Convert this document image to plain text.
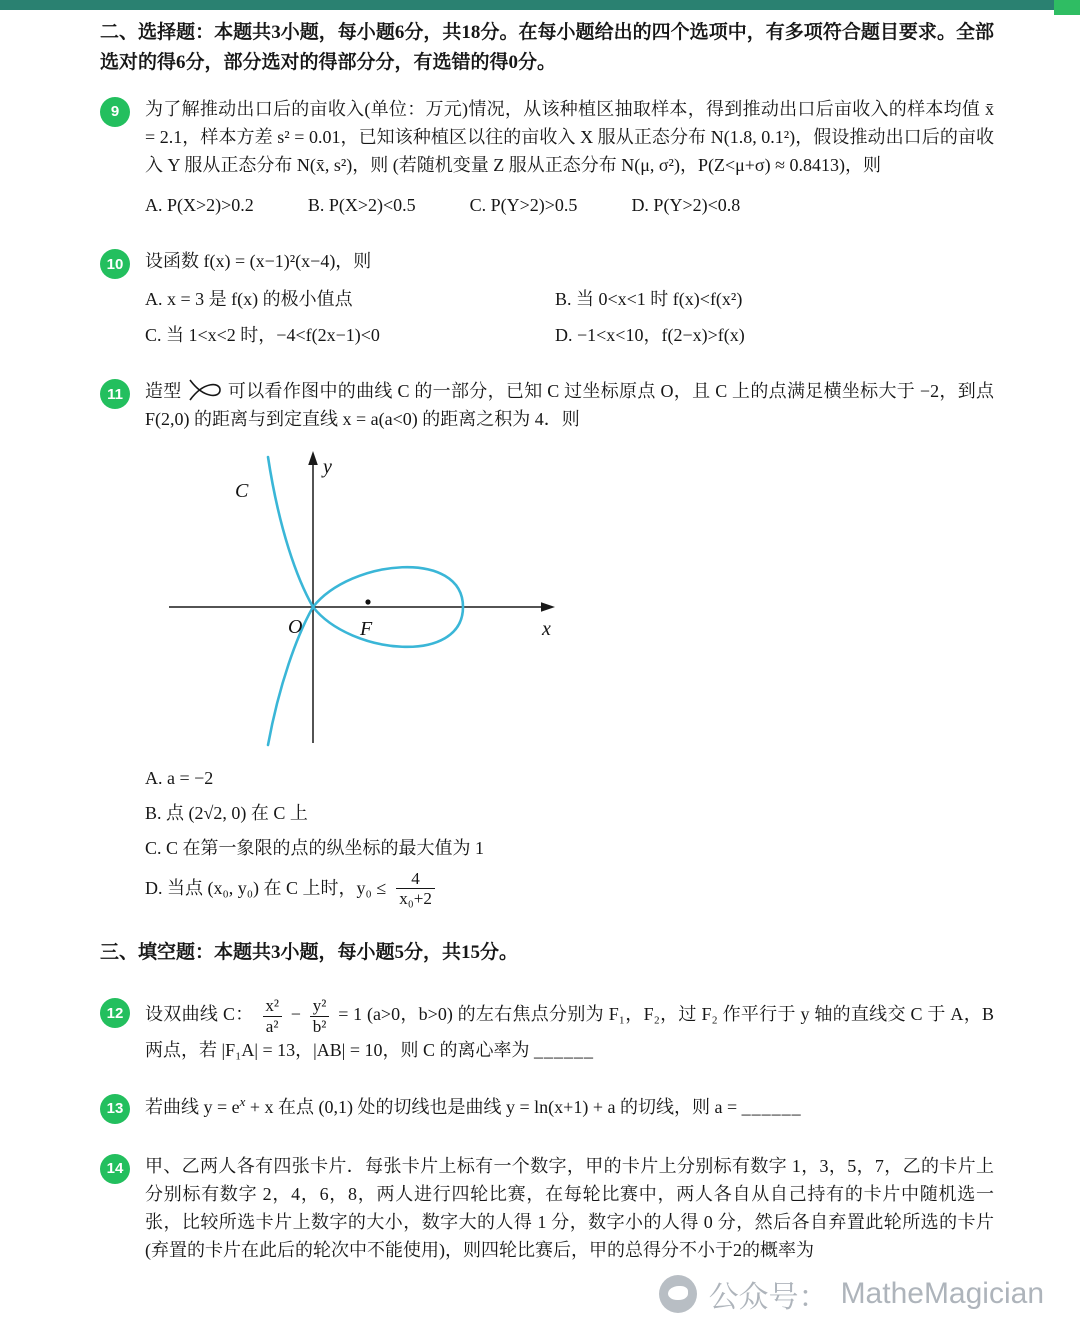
二、选择题：本题共3小题，每小题6分，共18分。在每小题给出的四个选项中，有多项符合题目要求。全部选对的得6分，部分选对的得部分分，有选错的得0分。

9	为了解推动出口后的亩收入(单位：万元)情况，从该种植区抽取样本，得到推动出口后亩收入的样本均值 x̄ = 2.1，样本方差 s² = 0.01，已知该种植区以往的亩收入 X 服从正态分布 N(1.8, 0.1²)，假设推动出口后的亩收入 Y 服从正态分布 N(x̄, s²)，则 (若随机变量 Z 服从正态分布 N(μ, σ²)，P(Z<μ+σ) ≈ 0.8413)，则

A. P(X>2)>0.2	B. P(X>2)<0.5	C. P(Y>2)>0.5	D. P(Y>2)<0.8
10	设函数 f(x) = (x−1)²(x−4)，则

A. x = 3 是 f(x) 的极小值点	B. 当 0<x<1 时 f(x)<f(x²)
C. 当 1<x<2 时，−4<f(2x−1)<0	D. −1<x<10，f(2−x)>f(x)
11	造型	可以看作图中的曲线 C 的一部分，已知 C 过坐标原点 O，且 C 上的点满足横坐标大于 −2，到点 F(2,0) 的距离与到定直线 x = a(a<0) 的距离之积为 4．则

C
O	F	x
y
A. a = −2
B. 点 (2√2, 0) 在 C 上
C. C 在第一象限的点的纵坐标的最大值为 1
D. 当点 (x₀, y₀) 在 C 上时，$y_0 \le \frac{4}{\text{x₀+2}}$

三、填空题：本题共3小题，每小题5分，共15分。

12	设双曲线 C： $\frac{\text{x²}}{\text{a²}} - \frac{\text{y²}}{\text{b²}} = 1$ (a>0，b>0) 的左右焦点分别为 F₁，F₂，过 F₂ 作平行于 y 轴的直线交 C 于 A，B 两点，若 |F₁A| = 13，|AB| = 10，则 C 的离心率为 ______

13	若曲线 $y = e^x + x$ 在点 (0,1) 处的切线也是曲线 y = ln(x+1) + a 的切线，则 a = ______

14	甲、乙两人各有四张卡片．每张卡片上标有一个数字，甲的卡片上分别标有数字 1，3，5，7，乙的卡片上分别标有数字 2，4，6，8，两人进行四轮比赛，在每轮比赛中，两人各自从自己持有的卡片中随机选一张，比较所选卡片上数字的大小，数字大的人得 1 分，数字小的人得 0 分，然后各自弃置此轮所选的卡片(弃置的卡片在此后的轮次中不能使用)，则四轮比赛后，甲的总得分不小于2的概率为

公众号： MatheMagician
